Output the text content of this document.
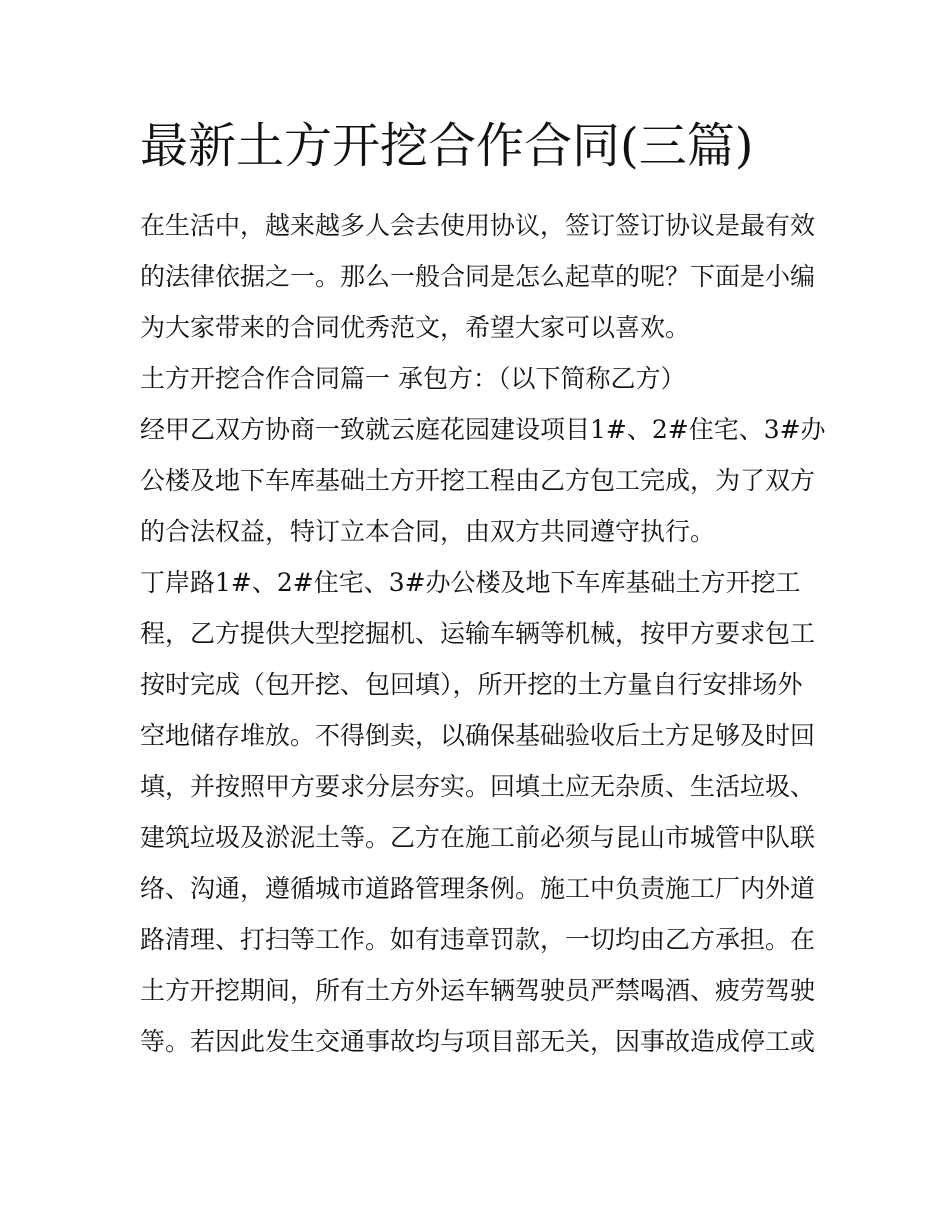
最新土方开挖合作合同(三篇)

在生活中，越来越多人会去使用协议，签订签订协议是最有效
的法律依据之一。那么一般合同是怎么起草的呢？下面是小编
为大家带来的合同优秀范文，希望大家可以喜欢。

土方开挖合作合同篇一 承包方：（以下简称乙方）

经甲乙双方协商一致就云庭花园建设项目1#、2#住宅、3#办
公楼及地下车库基础土方开挖工程由乙方包工完成，为了双方
的合法权益，特订立本合同，由双方共同遵守执行。

丁岸路1#、2#住宅、3#办公楼及地下车库基础土方开挖工
程，乙方提供大型挖掘机、运输车辆等机械，按甲方要求包工
按时完成（包开挖、包回填），所开挖的土方量自行安排场外
空地储存堆放。不得倒卖，以确保基础验收后土方足够及时回
填，并按照甲方要求分层夯实。回填土应无杂质、生活垃圾、
建筑垃圾及淤泥土等。乙方在施工前必须与昆山市城管中队联
络、沟通，遵循城市道路管理条例。施工中负责施工厂内外道
路清理、打扫等工作。如有违章罚款，一切均由乙方承担。在
土方开挖期间，所有土方外运车辆驾驶员严禁喝酒、疲劳驾驶
等。若因此发生交通事故均与项目部无关，因事故造成停工或
